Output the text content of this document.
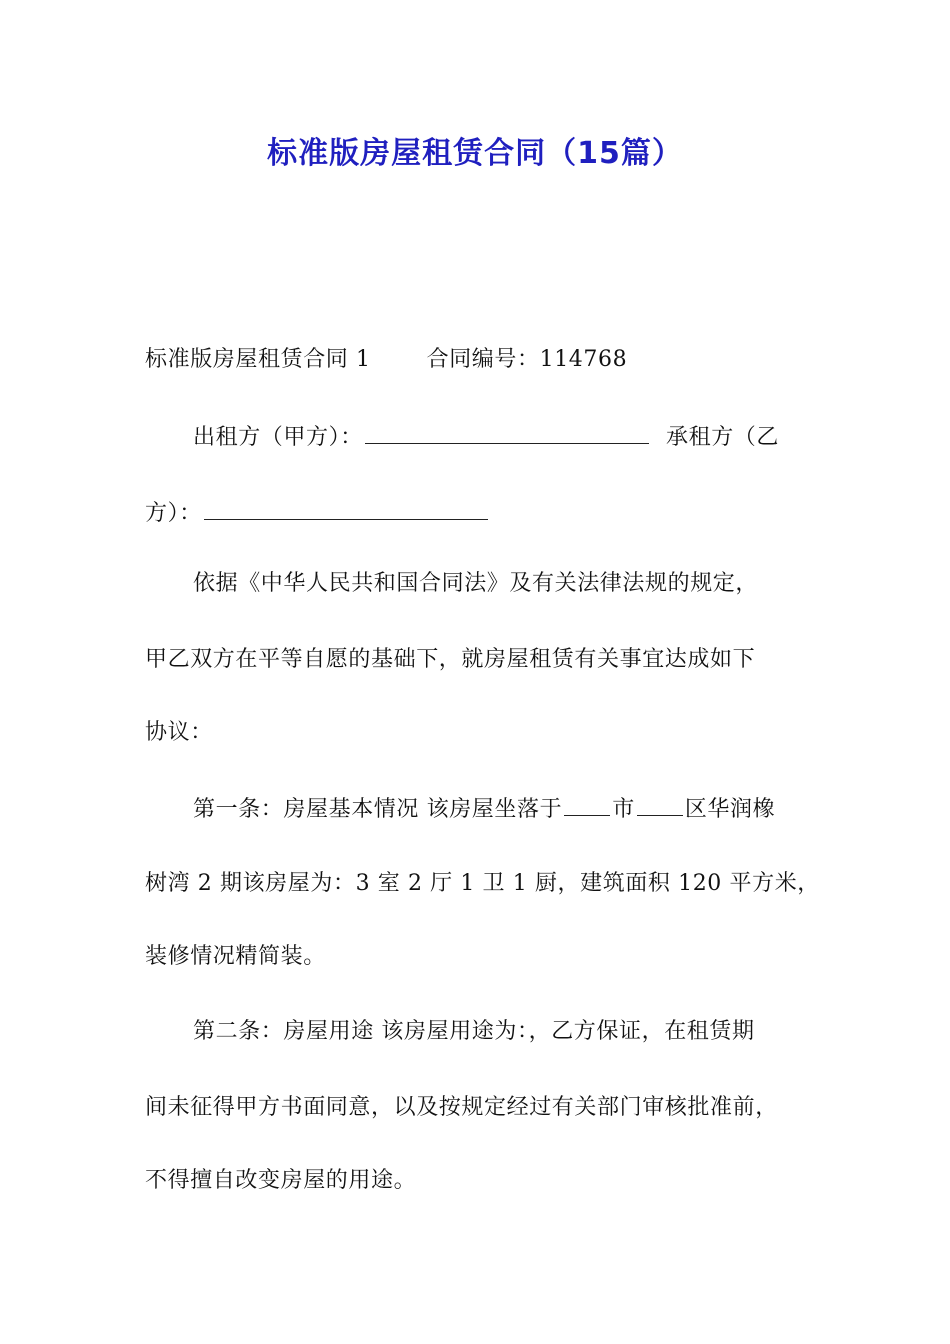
标准版房屋租赁合同（15篇）

标准版房屋租赁合同 1	合同编号：114768

出租方（甲方）：	承租方（乙

方）：

依据《中华人民共和国合同法》及有关法律法规的规定，

甲乙双方在平等自愿的基础下，就房屋租赁有关事宜达成如下

协议：

第一条：房屋基本情况 该房屋坐落于 市 区华润橡

树湾 2 期该房屋为：3 室 2 厅 1 卫 1 厨，建筑面积 120 平方米，

装修情况精简装。

第二条：房屋用途 该房屋用途为：，乙方保证，在租赁期

间未征得甲方书面同意，以及按规定经过有关部门审核批准前，

不得擅自改变房屋的用途。
